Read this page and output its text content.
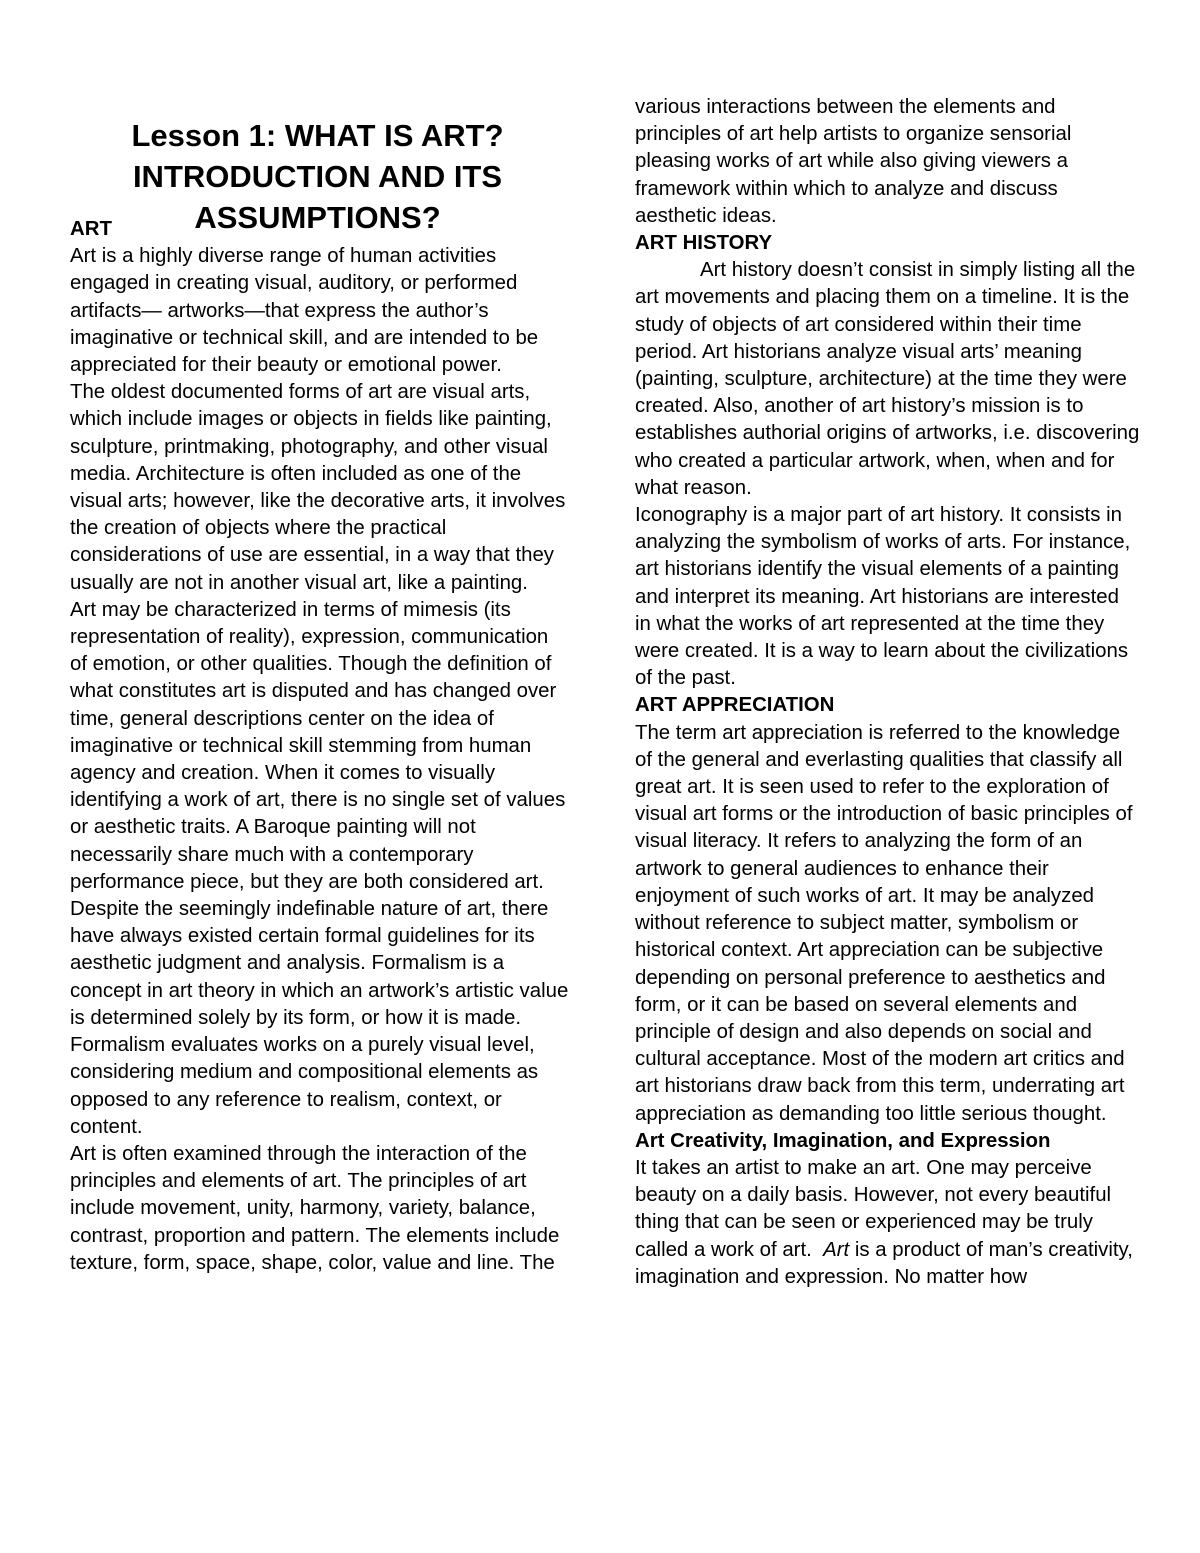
Lesson 1: WHAT IS ART? INTRODUCTION AND ITS ASSUMPTIONS?
ART

Art is a highly diverse range of human activities engaged in creating visual, auditory, or performed artifacts— artworks—that express the author’s imaginative or technical skill, and are intended to be appreciated for their beauty or emotional power.

The oldest documented forms of art are visual arts, which include images or objects in fields like painting, sculpture, printmaking, photography, and other visual media. Architecture is often included as one of the visual arts; however, like the decorative arts, it involves the creation of objects where the practical considerations of use are essential, in a way that they usually are not in another visual art, like a painting.

Art may be characterized in terms of mimesis (its representation of reality), expression, communication of emotion, or other qualities. Though the definition of what constitutes art is disputed and has changed over time, general descriptions center on the idea of imaginative or technical skill stemming from human agency and creation. When it comes to visually identifying a work of art, there is no single set of values or aesthetic traits. A Baroque painting will not necessarily share much with a contemporary performance piece, but they are both considered art.

Despite the seemingly indefinable nature of art, there have always existed certain formal guidelines for its aesthetic judgment and analysis. Formalism is a concept in art theory in which an artwork’s artistic value is determined solely by its form, or how it is made. Formalism evaluates works on a purely visual level, considering medium and compositional elements as opposed to any reference to realism, context, or content.

Art is often examined through the interaction of the principles and elements of art. The principles of art include movement, unity, harmony, variety, balance, contrast, proportion and pattern. The elements include texture, form, space, shape, color, value and line. The

various interactions between the elements and principles of art help artists to organize sensorial pleasing works of art while also giving viewers a framework within which to analyze and discuss aesthetic ideas.

ART HISTORY

Art history doesn’t consist in simply listing all the art movements and placing them on a timeline. It is the study of objects of art considered within their time period. Art historians analyze visual arts’ meaning (painting, sculpture, architecture) at the time they were created. Also, another of art history’s mission is to establishes authorial origins of artworks, i.e. discovering who created a particular artwork, when, when and for what reason.

Iconography is a major part of art history. It consists in analyzing the symbolism of works of arts. For instance, art historians identify the visual elements of a painting and interpret its meaning. Art historians are interested in what the works of art represented at the time they were created. It is a way to learn about the civilizations of the past.

ART APPRECIATION

The term art appreciation is referred to the knowledge of the general and everlasting qualities that classify all great art. It is seen used to refer to the exploration of visual art forms or the introduction of basic principles of visual literacy. It refers to analyzing the form of an artwork to general audiences to enhance their enjoyment of such works of art. It may be analyzed without reference to subject matter, symbolism or historical context. Art appreciation can be subjective depending on personal preference to aesthetics and form, or it can be based on several elements and principle of design and also depends on social and cultural acceptance. Most of the modern art critics and art historians draw back from this term, underrating art appreciation as demanding too little serious thought.

Art Creativity, Imagination, and Expression

It takes an artist to make an art. One may perceive beauty on a daily basis. However, not every beautiful thing that can be seen or experienced may be truly called a work of art. Art is a product of man’s creativity, imagination and expression. No matter how
